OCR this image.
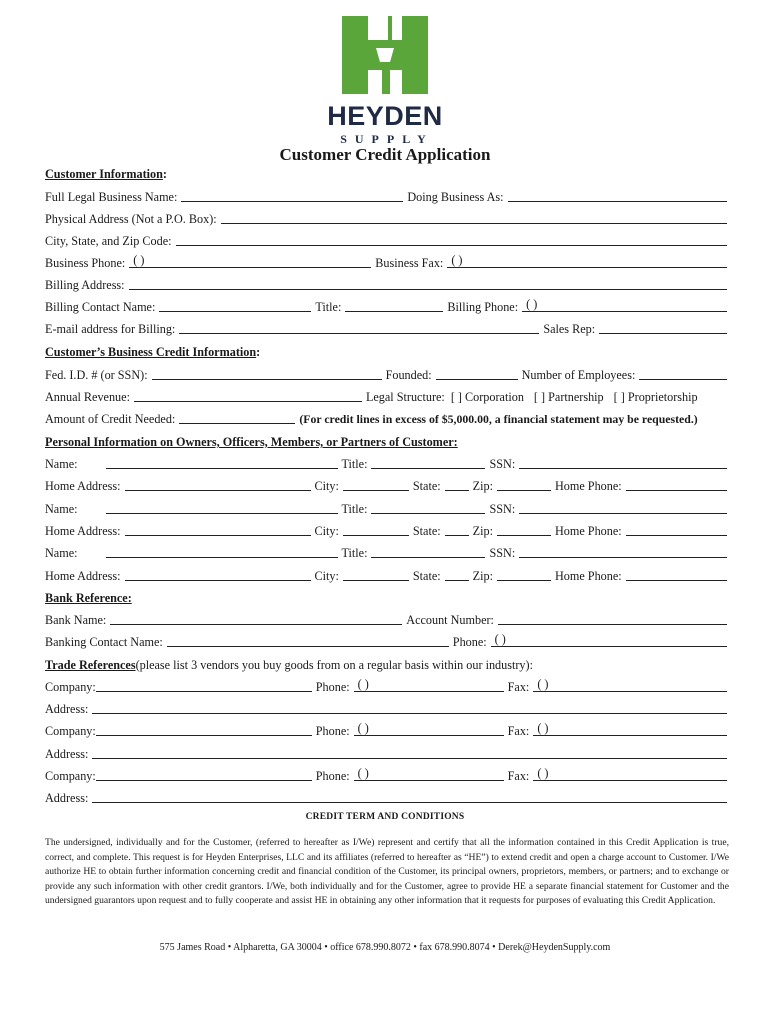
HEYDEN
SUPPLY
Customer Credit Application
Customer Information :
Full Legal Business Name:	Doing Business As:
Physical Address (Not a P.O. Box):
City, State, and Zip Code:
Business Phone: ( )	Business Fax: ( )
Billing Address:
Billing Contact Name:	Title:	Billing Phone: ( )
E-mail address for Billing:	Sales Rep:
Customer’s Business Credit Information :
Fed. I.D. # (or SSN):	Founded:	Number of Employees:
Annual Revenue:	Legal Structure: [ ] Corporation [ ] Partnership [ ] Proprietorship
Amount of Credit Needed:	(For credit lines in excess of $5,000.00, a financial statement may be requested.)
Personal Information on Owners, Officers, Members, or Partners of Customer:
Name:	Title:	SSN:
Home Address:	City:	State:	Zip:	Home Phone:
Name:	Title:	SSN:
Home Address:	City:	State:	Zip:	Home Phone:
Name:	Title:	SSN:
Home Address:	City:	State:	Zip:	Home Phone:
Bank Reference:
Bank Name:	Account Number:
Banking Contact Name:	Phone: ( )
Trade References (please list 3 vendors you buy goods from on a regular basis within our industry):
Company:	Phone: ( )	Fax: ( )
Address:
Company:	Phone: ( )	Fax: ( )
Address:
Company:	Phone: ( )	Fax: ( )
Address:
CREDIT TERM AND CONDITIONS
The undersigned, individually and for the Customer, (referred to hereafter as I/We) represent and certify that all the information contained in this Credit Application is true, correct, and complete. This request is for Heyden Enterprises, LLC and its affiliates (referred to hereafter as “HE”) to extend credit and open a charge account to Customer. I/We authorize HE to obtain further information concerning credit and financial condition of the Customer, its principal owners, proprietors, members, or partners; and to exchange or provide any such information with other credit grantors. I/We, both individually and for the Customer, agree to provide HE a separate financial statement for Customer and the undersigned guarantors upon request and to fully cooperate and assist HE in obtaining any other information that it requests for purposes of evaluating this Credit Application.
575 James Road • Alpharetta, GA 30004 • office 678.990.8072 • fax 678.990.8074 • Derek@HeydenSupply.com
